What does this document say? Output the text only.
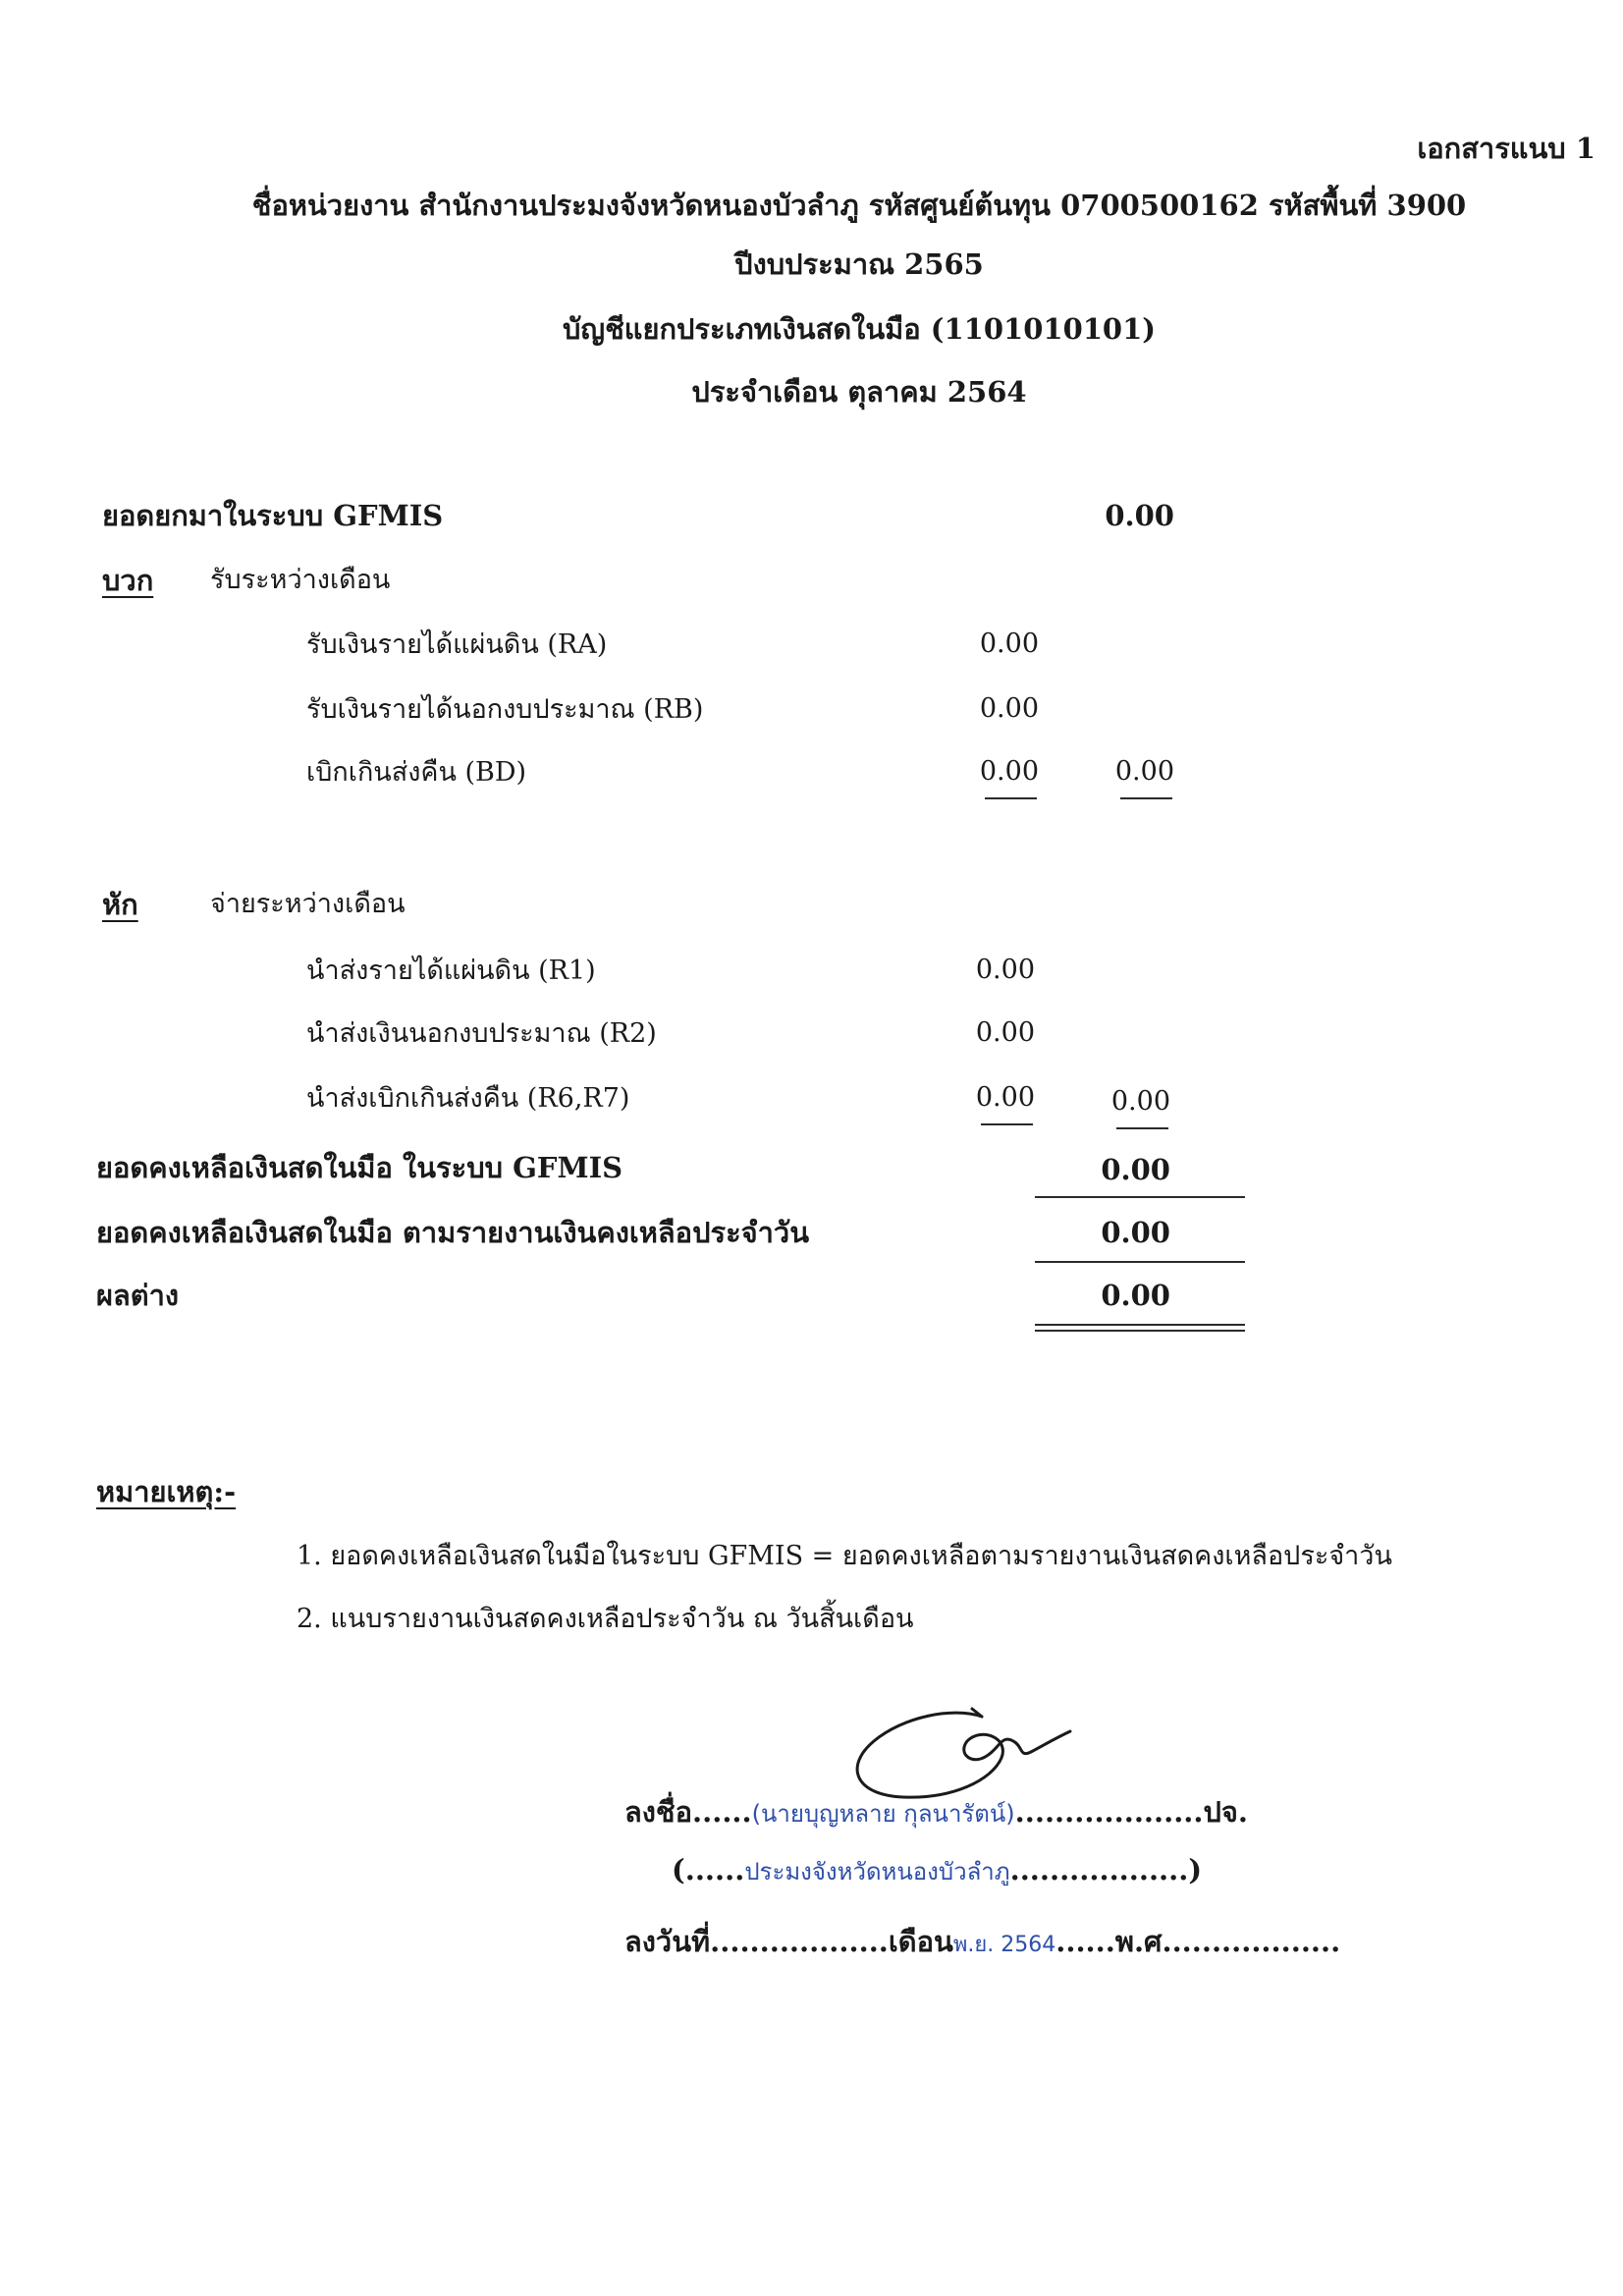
เอกสารแนบ 1
ชื่อหน่วยงาน สำนักงานประมงจังหวัดหนองบัวลำภู รหัสศูนย์ต้นทุน 0700500162 รหัสพื้นที่ 3900
ปีงบประมาณ 2565
บัญชีแยกประเภทเงินสดในมือ (1101010101)
ประจำเดือน ตุลาคม 2564
ยอดยกมาในระบบ GFMIS	0.00
บวก รับระหว่างเดือน
รับเงินรายได้แผ่นดิน (RA)	0.00
รับเงินรายได้นอกงบประมาณ (RB)	0.00
เบิกเกินส่งคืน (BD)	0.00	0.00
หัก	จ่ายระหว่างเดือน
นำส่งรายได้แผ่นดิน (R1)	0.00
นำส่งเงินนอกงบประมาณ (R2)	0.00
นำส่งเบิกเกินส่งคืน (R6,R7)	0.00	0.00
ยอดคงเหลือเงินสดในมือ ในระบบ GFMIS	0.00
ยอดคงเหลือเงินสดในมือ ตามรายงานเงินคงเหลือประจำวัน	0.00
ผลต่าง	0.00
หมายเหตุ:-
1. ยอดคงเหลือเงินสดในมือในระบบ GFMIS = ยอดคงเหลือตามรายงานเงินสดคงเหลือประจำวัน
2. แนบรายงานเงินสดคงเหลือประจำวัน ณ วันสิ้นเดือน
ลงชื่อ......(นายบุญหลาย กุลนารัตน์)...................ปจ.
(......ประมงจังหวัดหนองบัวลำภู..................)
ลงวันที่..................เดือนพ.ย. 2564......พ.ศ..................
